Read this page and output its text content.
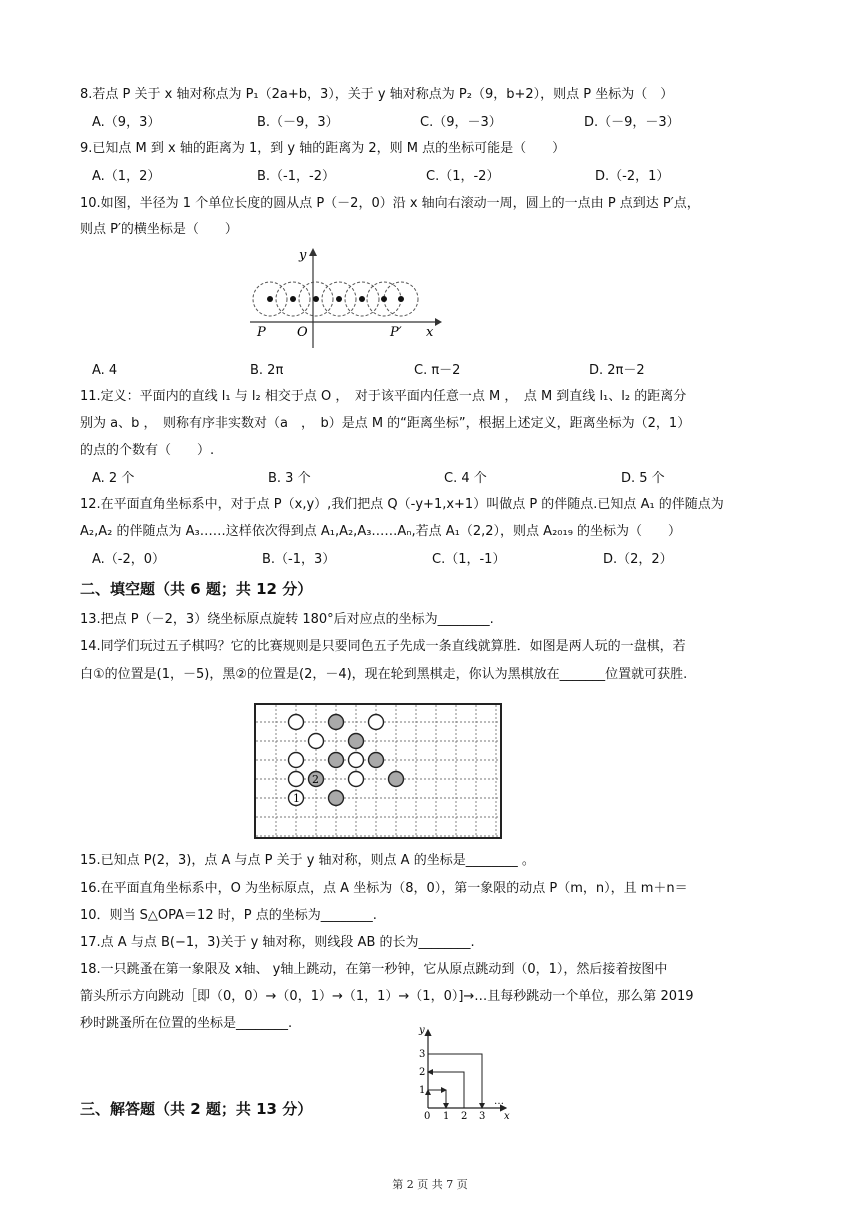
8.若点 P 关于 x 轴对称点为 P₁（2a+b，3），关于 y 轴对称点为 P₂（9，b+2），则点 P 坐标为（　）
A.（9，3）	B.（－9，3）	C.（9，－3）	D.（－9，－3）
9.已知点 M 到 x 轴的距离为 1，到 y 轴的距离为 2，则 M 点的坐标可能是（　　）
A.（1，2）	B.（-1，-2）	C.（1，-2）	D.（-2，1）
10.如图，半径为 1 个单位长度的圆从点 P（－2，0）沿 x 轴向右滚动一周，圆上的一点由 P 点到达 P′点，
则点 P′的横坐标是（　　）
y
x
P O	P′
A. 4	B. 2π	C. π－2	D. 2π－2
11.定义：平面内的直线 l₁ 与 l₂ 相交于点 O ，　对于该平面内任意一点 M ，　点 M 到直线 l₁、l₂ 的距离分
别为 a、b ，　则称有序非实数对（a　，　b）是点 M 的“距离坐标”，根据上述定义，距离坐标为（2，1）
的点的个数有（　　）.
A. 2 个	B. 3 个	C. 4 个	D. 5 个
12.在平面直角坐标系中，对于点 P（x,y）,我们把点 Q（-y+1,x+1）叫做点 P 的伴随点.已知点 A₁ 的伴随点为
A₂,A₂ 的伴随点为 A₃……这样依次得到点 A₁,A₂,A₃……Aₙ,若点 A₁（2,2），则点 A₂₀₁₉ 的坐标为（　　）
A.（-2，0）	B.（-1，3）	C.（1，-1）	D.（2，2）
二、填空题（共 6 题；共 12 分）
13.把点 P（－2，3）绕坐标原点旋转 180°后对应点的坐标为________.
14.同学们玩过五子棋吗？它的比赛规则是只要同色五子先成一条直线就算胜．如图是两人玩的一盘棋，若
白①的位置是(1，－5)，黑②的位置是(2，－4)，现在轮到黑棋走，你认为黑棋放在_______位置就可获胜.
1
2
15.已知点 P(2，3)，点 A 与点 P 关于 y 轴对称，则点 A 的坐标是________ 。
16.在平面直角坐标系中，O 为坐标原点，点 A 坐标为（8，0），第一象限的动点 P（m，n），且 m＋n＝
10．则当 S△OPA＝12 时，P 点的坐标为________.
17.点 A 与点 B(−1，3)关于 y 轴对称，则线段 AB 的长为________.
18.一只跳蚤在第一象限及 x轴、 y轴上跳动，在第一秒钟，它从原点跳动到（0，1），然后接着按图中
箭头所示方向跳动［即（0，0）→（0，1）→（1，1）→（1，0）]→…且每秒跳动一个单位，那么第 2019
秒时跳蚤所在位置的坐标是________.	y
x
0 1 2 3
1
2
3
…
三、解答题（共 2 题；共 13 分）
第 2 页 共 7 页
